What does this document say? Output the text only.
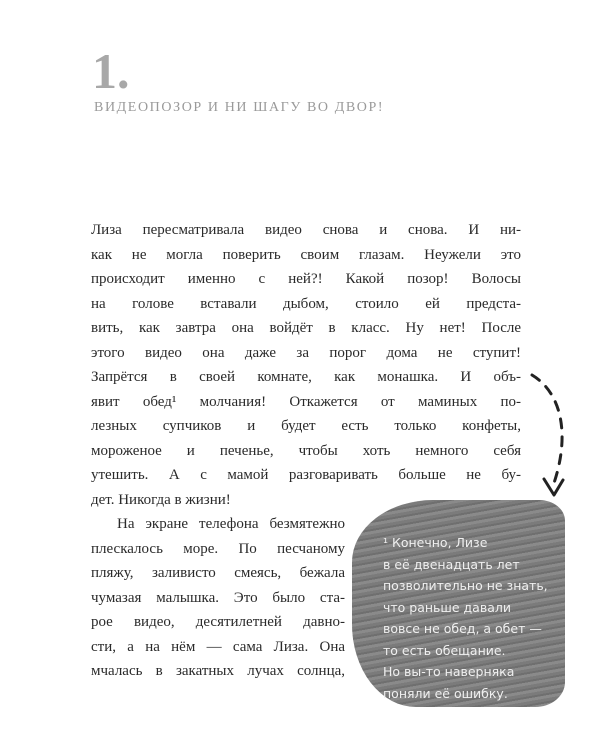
1.
ВИДЕОПОЗОР И НИ ШАГУ ВО ДВОР!
Лиза пересматривала видео снова и снова. И ни-
как не могла поверить своим глазам. Неужели это
происходит именно с ней?! Какой позор! Волосы
на голове вставали дыбом, стоило ей предста-
вить, как завтра она войдёт в класс. Ну нет! После
этого видео она даже за порог дома не ступит!
Запрётся в своей комнате, как монашка. И объ-
явит обед¹ молчания! Откажется от маминых по-
лезных супчиков и будет есть только конфеты,
мороженое и печенье, чтобы хоть немного себя
утешить. А с мамой разговаривать больше не бу-
дет. Никогда в жизни!
На экране телефона безмятежно
плескалось море. По песчаному
пляжу, заливисто смеясь, бежала
чумазая малышка. Это было ста-
рое видео, десятилетней давно-
сти, а на нём — сама Лиза. Она
мчалась в закатных лучах солнца,
¹ Конечно, Лизе
в её двенадцать лет
позволительно не знать,
что раньше давали
вовсе не обед, а обет —
то есть обещание.
Но вы-то наверняка
поняли её ошибку.
